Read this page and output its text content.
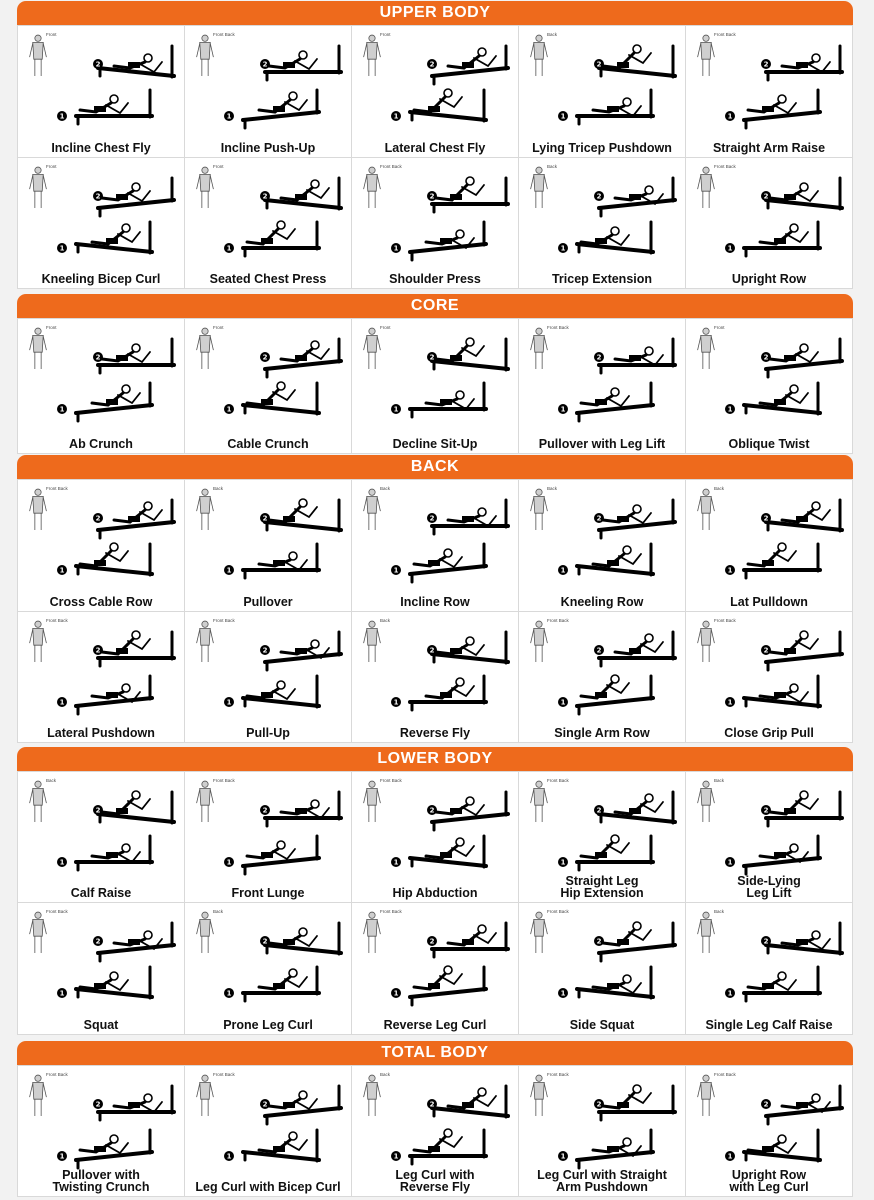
UPPER BODY
2
1
Front
Incline Chest Fly
2
1
Front Back
Incline Push-Up
2
1
Front
Lateral Chest Fly
2
1
Back
Lying Tricep Pushdown
2
1
Front Back
Straight Arm Raise
2
1
Front
Kneeling Bicep Curl
2
1
Front
Seated Chest Press
2
1
Front Back
Shoulder Press
2
1
Back
Tricep Extension
2
1
Front Back
Upright Row
CORE
2
1
Front
Ab Crunch
2
1
Front
Cable Crunch
2
1
Front
Decline Sit-Up
2
1
Front Back
Pullover with Leg Lift
2
1
Front
Oblique Twist
BACK
2
1
Front Back
Cross Cable Row
2
1
Back
Pullover
2
1
Back
Incline Row
2
1
Back
Kneeling Row
2
1
Back
Lat Pulldown
2
1
Front Back
Lateral Pushdown
2
1
Front Back
Pull-Up
2
1
Back
Reverse Fly
2
1
Front Back
Single Arm Row
2
1
Front Back
Close Grip Pull
LOWER BODY
2
1
Back
Calf Raise
2
1
Front Back
Front Lunge
2
1
Front Back
Hip Abduction
2
1
Front Back
Straight Leg
Hip Extension
2
1
Back
Side-Lying
Leg Lift
2
1
Front Back
Squat
2
1
Back
Prone Leg Curl
2
1
Front Back
Reverse Leg Curl
2
1
Front Back
Side Squat
2
1
Back
Single Leg Calf Raise
TOTAL BODY
2
1
Front Back
Pullover with
Twisting Crunch
2
1
Front Back
Leg Curl with Bicep Curl
2
1
Back
Leg Curl with
Reverse Fly
2
1
Front Back
Leg Curl with Straight
Arm Pushdown
2
1
Front Back
Upright Row
with Leg Curl
